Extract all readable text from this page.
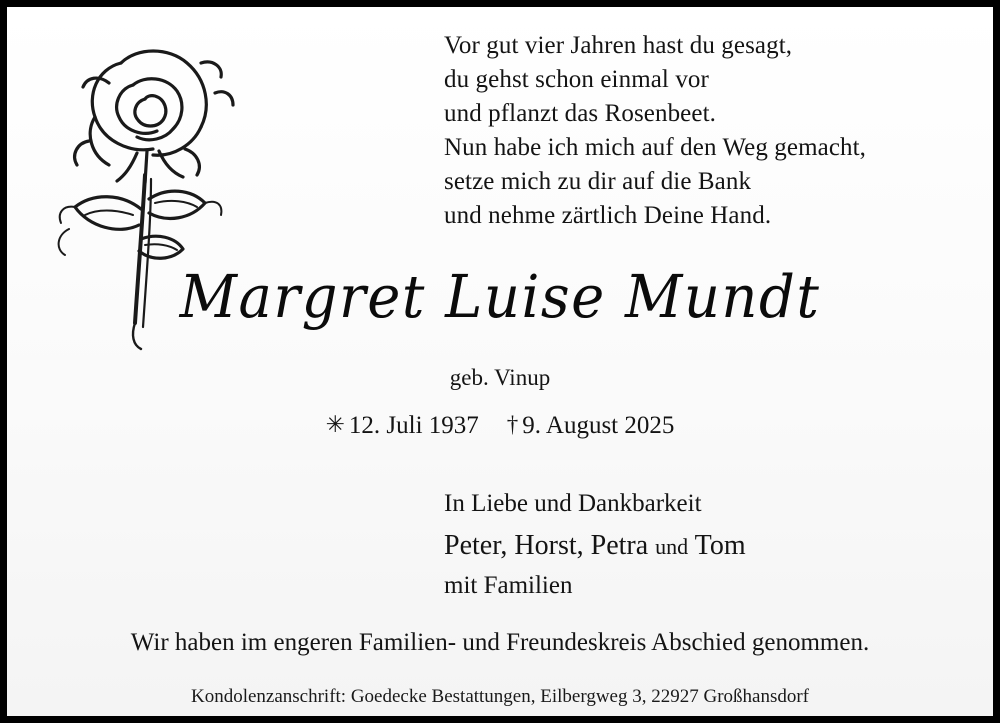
Vor gut vier Jahren hast du gesagt,
du gehst schon einmal vor
und pflanzt das Rosenbeet.
Nun habe ich mich auf den Weg gemacht,
setze mich zu dir auf die Bank
und nehme zärtlich Deine Hand.
Margret Luise Mundt
geb. Vinup
✳ 12. Juli 1937 † 9. August 2025
In Liebe und Dankbarkeit
Peter, Horst, Petra und Tom
mit Familien
Wir haben im engeren Familien- und Freundeskreis Abschied genommen.
Kondolenzanschrift: Goedecke Bestattungen, Eilbergweg 3, 22927 Großhansdorf
